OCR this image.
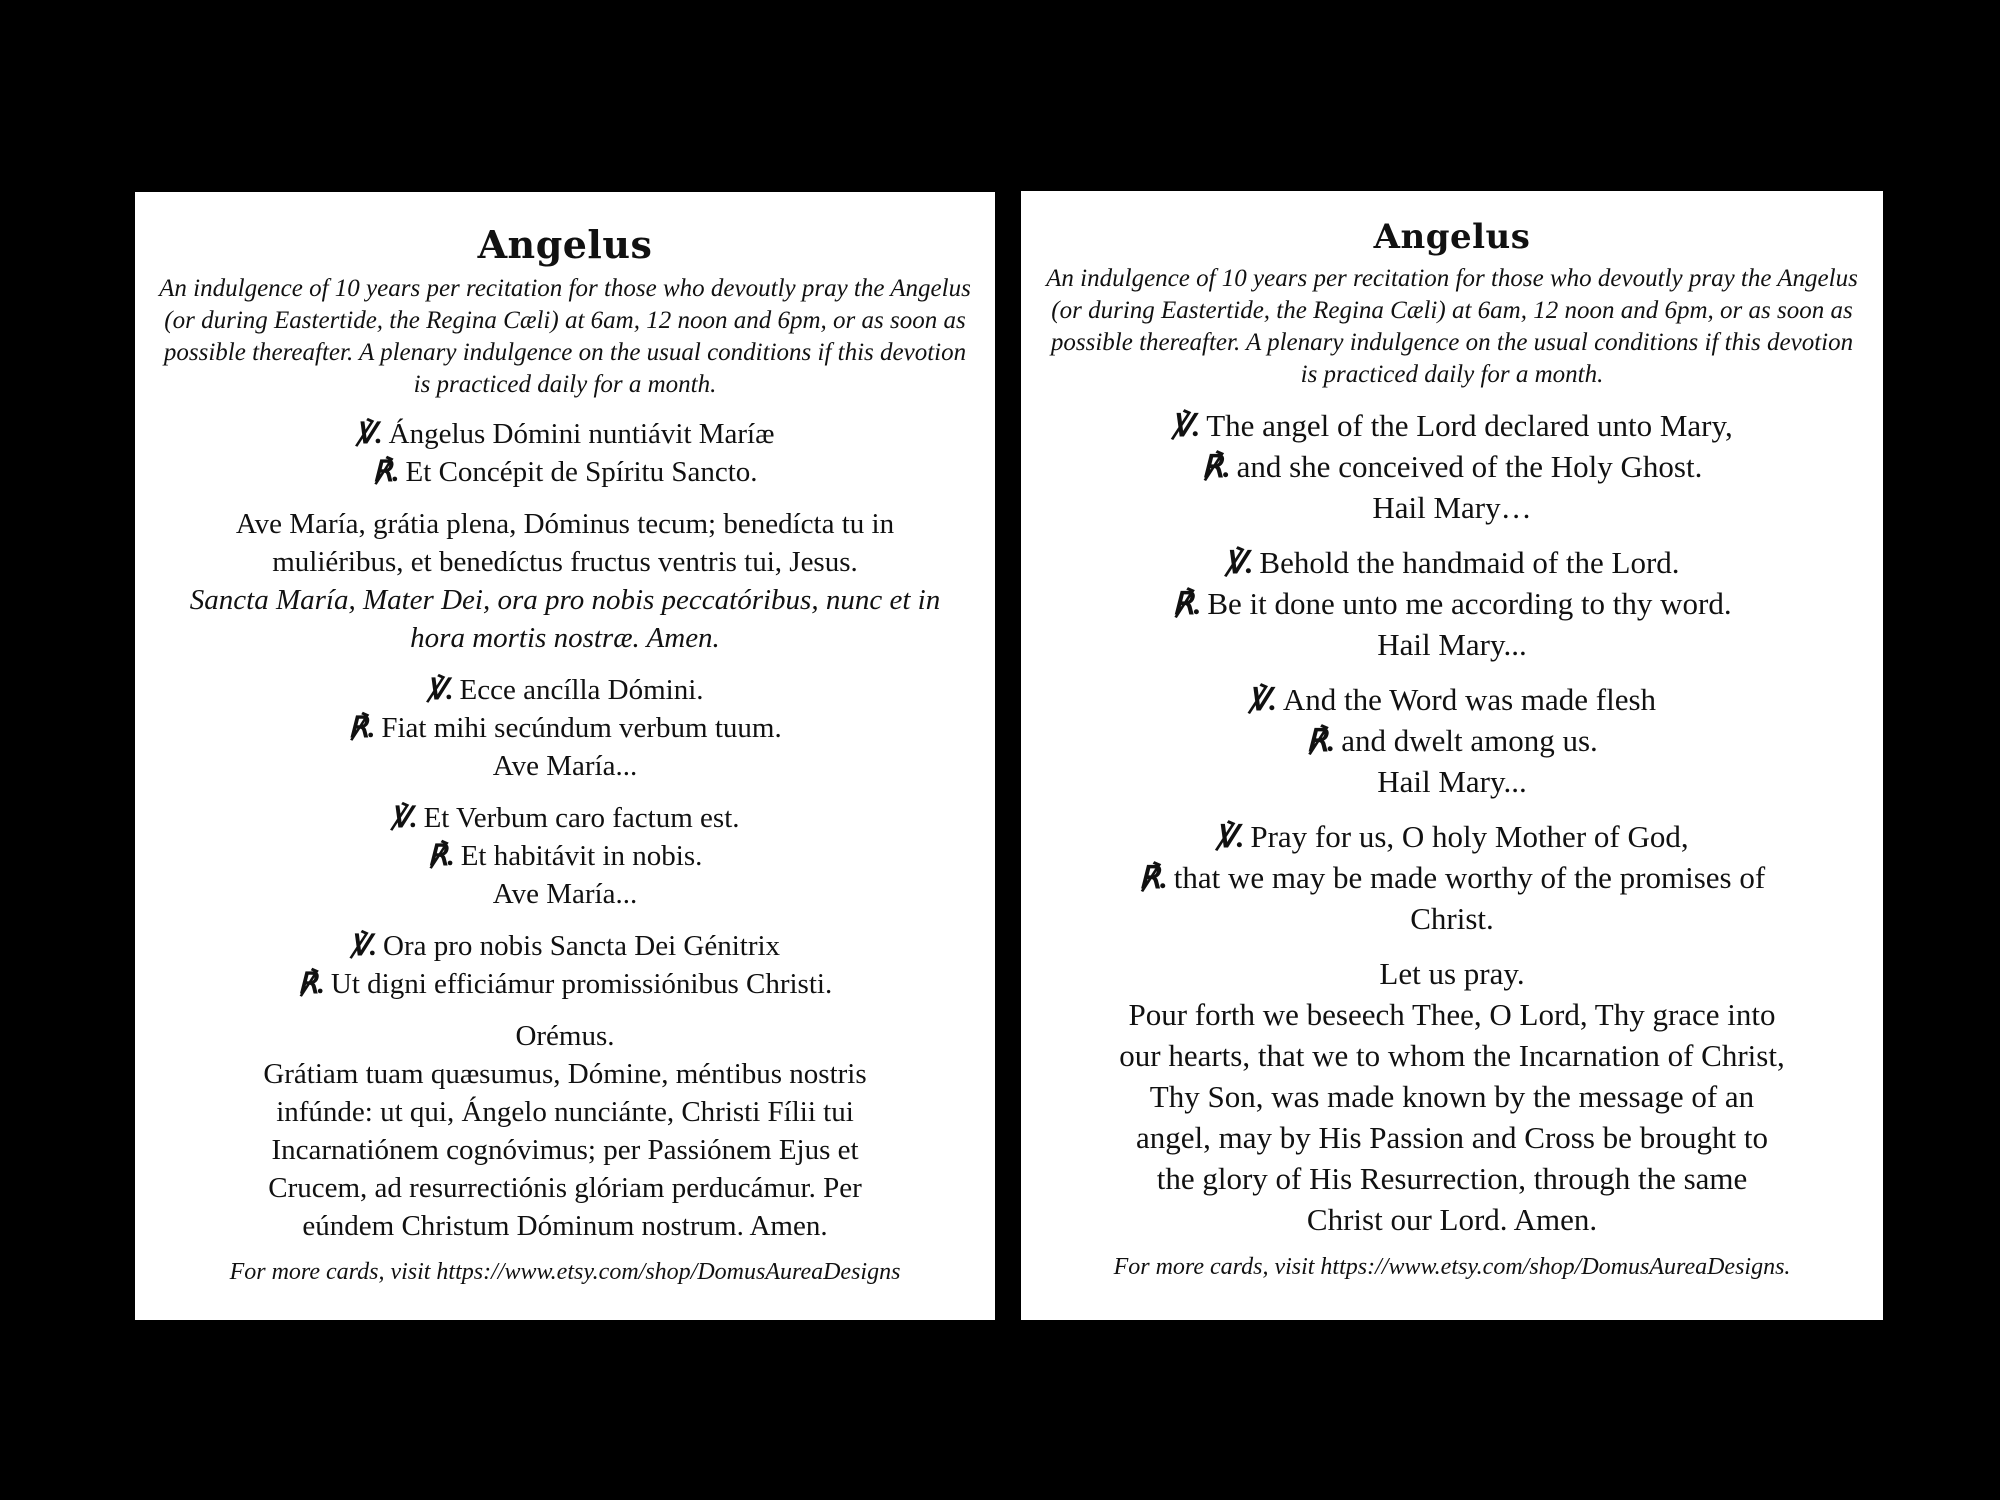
Angelus
An indulgence of 10 years per recitation for those who devoutly pray the Angelus (or during Eastertide, the Regina Cæli) at 6am, 12 noon and 6pm, or as soon as possible thereafter. A plenary indulgence on the usual conditions if this devotion is practiced daily for a month.
℣. Ángelus Dómini nuntiávit Maríæ
℟. Et Concépit de Spíritu Sancto.
Ave María, grátia plena, Dóminus tecum; benedícta tu in
muliéribus, et benedíctus fructus ventris tui, Jesus.
Sancta María, Mater Dei, ora pro nobis peccatóribus, nunc et in
hora mortis nostræ. Amen.
℣. Ecce ancílla Dómini.
℟. Fiat mihi secúndum verbum tuum.
Ave María...
℣. Et Verbum caro factum est.
℟. Et habitávit in nobis.
Ave María...
℣. Ora pro nobis Sancta Dei Génitrix
℟. Ut digni efficiámur promissiónibus Christi.
Orémus.
Grátiam tuam quæsumus, Dómine, méntibus nostris
infúnde: ut qui, Ángelo nunciánte, Christi Fílii tui
Incarnatiónem cognóvimus; per Passiónem Ejus et
Crucem, ad resurrectiónis glóriam perducámur. Per
eúndem Christum Dóminum nostrum. Amen.
For more cards, visit https://www.etsy.com/shop/DomusAureaDesigns
Angelus
An indulgence of 10 years per recitation for those who devoutly pray the Angelus (or during Eastertide, the Regina Cæli) at 6am, 12 noon and 6pm, or as soon as possible thereafter. A plenary indulgence on the usual conditions if this devotion is practiced daily for a month.
℣. The angel of the Lord declared unto Mary,
℟. and she conceived of the Holy Ghost.
Hail Mary…
℣. Behold the handmaid of the Lord.
℟. Be it done unto me according to thy word.
Hail Mary...
℣. And the Word was made flesh
℟. and dwelt among us.
Hail Mary...
℣. Pray for us, O holy Mother of God,
℟. that we may be made worthy of the promises of
Christ.
Let us pray.
Pour forth we beseech Thee, O Lord, Thy grace into
our hearts, that we to whom the Incarnation of Christ,
Thy Son, was made known by the message of an
angel, may by His Passion and Cross be brought to
the glory of His Resurrection, through the same
Christ our Lord. Amen.
For more cards, visit https://www.etsy.com/shop/DomusAureaDesigns.
